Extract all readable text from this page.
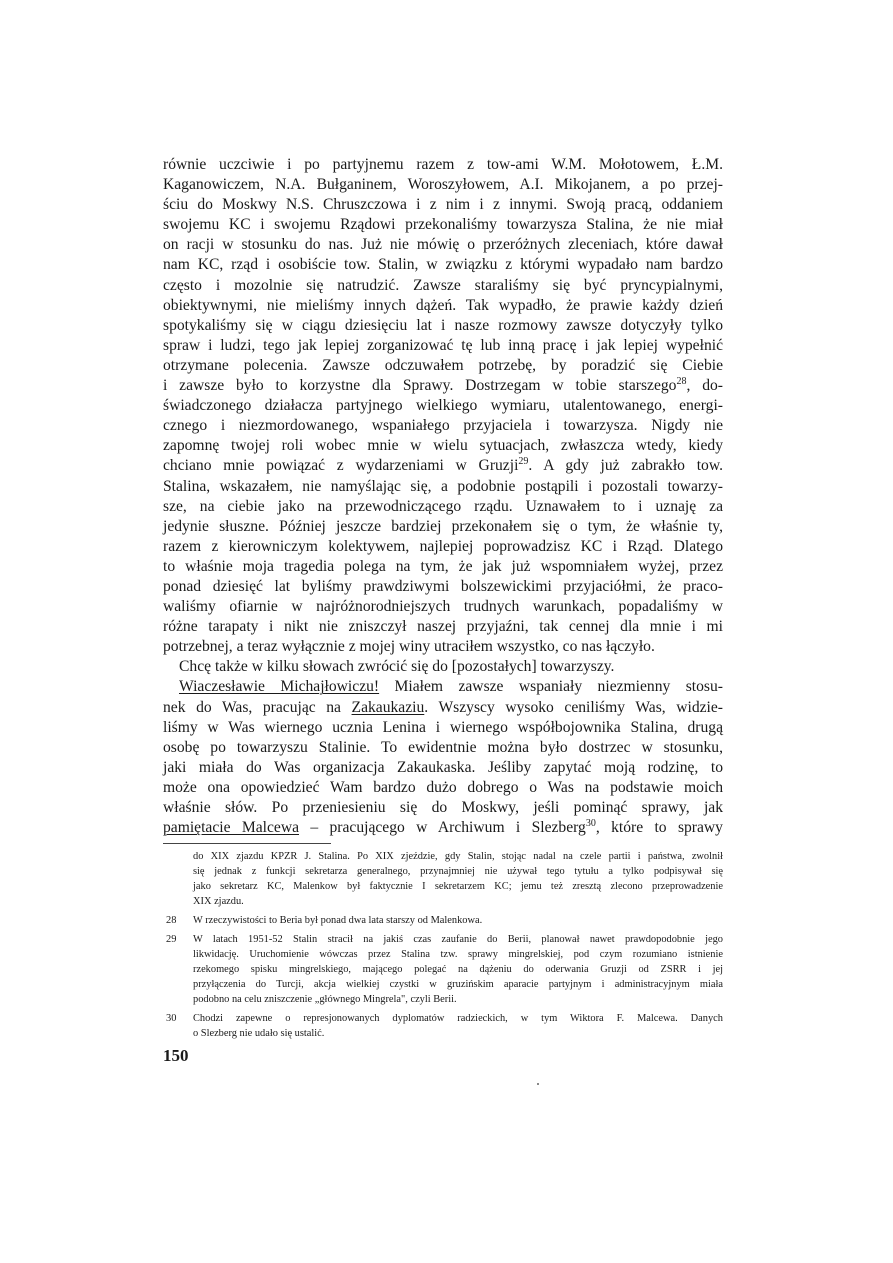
równie uczciwie i po partyjnemu razem z tow-ami W.M. Mołotowem, Ł.M.
Kaganowiczem, N.A. Bułganinem, Woroszyłowem, A.I. Mikojanem, a po przej-
ściu do Moskwy N.S. Chruszczowa i z nim i z innymi. Swoją pracą, oddaniem
swojemu KC i swojemu Rządowi przekonaliśmy towarzysza Stalina, że nie miał
on racji w stosunku do nas. Już nie mówię o przeróżnych zleceniach, które dawał
nam KC, rząd i osobiście tow. Stalin, w związku z którymi wypadało nam bardzo
często i mozolnie się natrudzić. Zawsze staraliśmy się być pryncypialnymi,
obiektywnymi, nie mieliśmy innych dążeń. Tak wypadło, że prawie każdy dzień
spotykaliśmy się w ciągu dziesięciu lat i nasze rozmowy zawsze dotyczyły tylko
spraw i ludzi, tego jak lepiej zorganizować tę lub inną pracę i jak lepiej wypełnić
otrzymane polecenia. Zawsze odczuwałem potrzebę, by poradzić się Ciebie
i zawsze było to korzystne dla Sprawy. Dostrzegam w tobie starszego$^{28}$, do-
świadczonego działacza partyjnego wielkiego wymiaru, utalentowanego, energi-
cznego i niezmordowanego, wspaniałego przyjaciela i towarzysza. Nigdy nie
zapomnę twojej roli wobec mnie w wielu sytuacjach, zwłaszcza wtedy, kiedy
chciano mnie powiązać z wydarzeniami w Gruzji$^{29}$. A gdy już zabrakło tow.
Stalina, wskazałem, nie namyślając się, a podobnie postąpili i pozostali towarzy-
sze, na ciebie jako na przewodniczącego rządu. Uznawałem to i uznaję za
jedynie słuszne. Później jeszcze bardziej przekonałem się o tym, że właśnie ty,
razem z kierowniczym kolektywem, najlepiej poprowadzisz KC i Rząd. Dlatego
to właśnie moja tragedia polega na tym, że jak już wspomniałem wyżej, przez
ponad dziesięć lat byliśmy prawdziwymi bolszewickimi przyjaciółmi, że praco-
waliśmy ofiarnie w najróżnorodniejszych trudnych warunkach, popadaliśmy w
różne tarapaty i nikt nie zniszczył naszej przyjaźni, tak cennej dla mnie i mi
potrzebnej, a teraz wyłącznie z mojej winy utraciłem wszystko, co nas łączyło.
Chcę także w kilku słowach zwrócić się do [pozostałych] towarzyszy.
Wiaczesławie Michajłowiczu! Miałem zawsze wspaniały niezmienny stosu-
nek do Was, pracując na Zakaukaziu. Wszyscy wysoko ceniliśmy Was, widzie-
liśmy w Was wiernego ucznia Lenina i wiernego współbojownika Stalina, drugą
osobę po towarzyszu Stalinie. To ewidentnie można było dostrzec w stosunku,
jaki miała do Was organizacja Zakaukaska. Jeśliby zapytać moją rodzinę, to
może ona opowiedzieć Wam bardzo dużo dobrego o Was na podstawie moich
właśnie słów. Po przeniesieniu się do Moskwy, jeśli pominąć sprawy, jak
pamiętacie Malcewa – pracującego w Archiwum i Slezberg$^{30}$, które to sprawy
do XIX zjazdu KPZR J. Stalina. Po XIX zjeździe, gdy Stalin, stojąc nadal na czele partii i państwa, zwolnił
się jednak z funkcji sekretarza generalnego, przynajmniej nie używał tego tytułu a tylko podpisywał się
jako sekretarz KC, Malenkow był faktycznie I sekretarzem KC; jemu też zresztą zlecono przeprowadzenie
XIX zjazdu.
28 W rzeczywistości to Beria był ponad dwa lata starszy od Malenkowa.
29 W latach 1951-52 Stalin stracił na jakiś czas zaufanie do Berii, planował nawet prawdopodobnie jego
likwidację. Uruchomienie wówczas przez Stalina tzw. sprawy mingrelskiej, pod czym rozumiano istnienie
rzekomego spisku mingrelskiego, mającego polegać na dążeniu do oderwania Gruzji od ZSRR i jej
przyłączenia do Turcji, akcja wielkiej czystki w gruzińskim aparacie partyjnym i administracyjnym miała
podobno na celu zniszczenie „głównego Mingrela", czyli Berii.
30 Chodzi zapewne o represjonowanych dyplomatów radzieckich, w tym Wiktora F. Malcewa. Danych
o Slezberg nie udało się ustalić.
150
